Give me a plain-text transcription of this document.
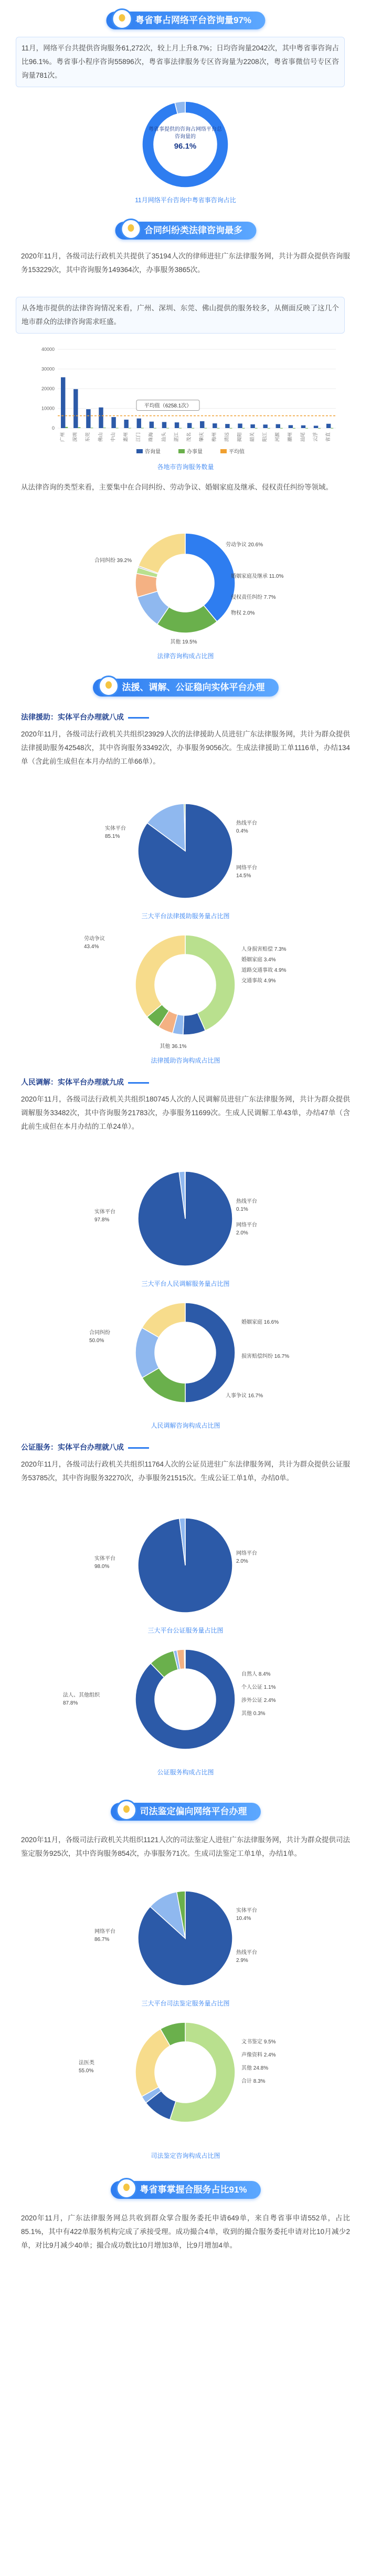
粤省事占网络平台咨询量97%
11月，网络平台共提供咨询服务61,272次，较上月上升8.7%；日均咨询量2042次，其中粤省事咨询占比96.1%。粤省事小程序咨询55896次，粤省事法律服务专区咨询量为2208次，粤省事微信号专区咨询量781次。
粤省事提供的咨询占网络平台总咨询量的
96.1%
11月网络平台咨询中粤省事咨询占比
合同纠纷类法律咨询最多
2020年11月，各级司法行政机关共提供了35194人次的律师进驻广东法律服务网，共计为群众提供咨询服务153229次，其中咨询服务149364次，办事服务3865次。
从各地市提供的法律咨询情况来看，广州、深圳、东莞、佛山提供的服务较多，从侧面反映了这几个地市群众的法律咨询需求旺盛。
40000
30000
20000
10000
0
广州 深圳 东莞 佛山 中山 惠州 江门 珠海 汕头 湛江 茂名 肇庆 梅州 清远 揭阳 韶关 阳江 河源 潮州 汕尾 云浮 省直
平均值（6258.1次）
咨询量	办事量	平均值
各地市咨询服务数量
从法律咨询的类型来看，主要集中在合同纠纷、劳动争议、婚姻家庭及继承、侵权责任纠纷等领域。
合同纠纷 39.2%
劳动争议 20.6%
婚姻家庭及继承 11.0%
侵权责任纠纷 7.7%
物权 2.0%
其他 19.5%
法律咨询构成占比图
法援、调解、公证稳向实体平台办理
法律援助：实体平台办理就八成
2020年11月，各级司法行政机关共组织23929人次的法律援助人员进驻广东法律服务网，共计为群众提供法律援助服务42548次，其中咨询服务33492次，办事服务9056次。生成法律援助工单1116单，办结134单（含此前生成但在本月办结的工单66单）。
实体平台
85.1%
热线平台
0.4%
网络平台
14.5%
三大平台法律援助服务量占比图
劳动争议
43.4%	人身损害赔偿 7.3%
婚姻家庭 3.4%
道路交通事故 4.9%
交通事故 4.9%
其他 36.1%
法律援助咨询构成占比图
人民调解：实体平台办理就九成
2020年11月，各级司法行政机关共组织180745人次的人民调解员进驻广东法律服务网，共计为群众提供调解服务33482次，其中咨询服务21783次，办事服务11699次。生成人民调解工单43单，办结47单（含此前生成但在本月办结的工单24单）。
实体平台
97.8%
热线平台
0.1%
网络平台
2.0%
三大平台人民调解服务量占比图
合同纠纷
50.0%
婚姻家庭 16.6%
损害赔偿纠纷 16.7%
人事争议 16.7%
人民调解咨询构成占比图
公证服务：实体平台办理就八成
2020年11月，各级司法行政机关共组织11764人次的公证员进驻广东法律服务网，共计为群众提供公证服务53785次，其中咨询服务32270次，办事服务21515次。生成公证工单1单，办结0单。
实体平台
98.0%
网络平台
2.0%
三大平台公证服务量占比图
法人、其他组织
87.8%
自然人 8.4%
个人公证 1.1%
涉外公证 2.4%
其他 0.3%
公证服务构成占比图
司法鉴定偏向网络平台办理
2020年11月，各级司法行政机关共组织1121人次的司法鉴定人进驻广东法律服务网，共计为群众提供司法鉴定服务925次，其中咨询服务854次，办事服务71次。生成司法鉴定工单1单，办结1单。
网络平台
86.7%
实体平台
10.4%
热线平台
2.9%
三大平台司法鉴定服务量占比图
法医类
55.0%
文书鉴定 9.5%
声像资料 2.4%
其他 24.8%
合计 8.3%
司法鉴定咨询构成占比图
粤省事掌握合服务占比91%
2020年11月，广东法律服务网总共收到群众掌合服务委托申请649单，来自粤省事申请552单，占比85.1%，其中有422单服务机构完成了承接受理。成功撮合4单，收到的撮合服务委托申请对比10月减少2单，对比9月减少40单；撮合成功数比10月增加3单，比9月增加4单。
